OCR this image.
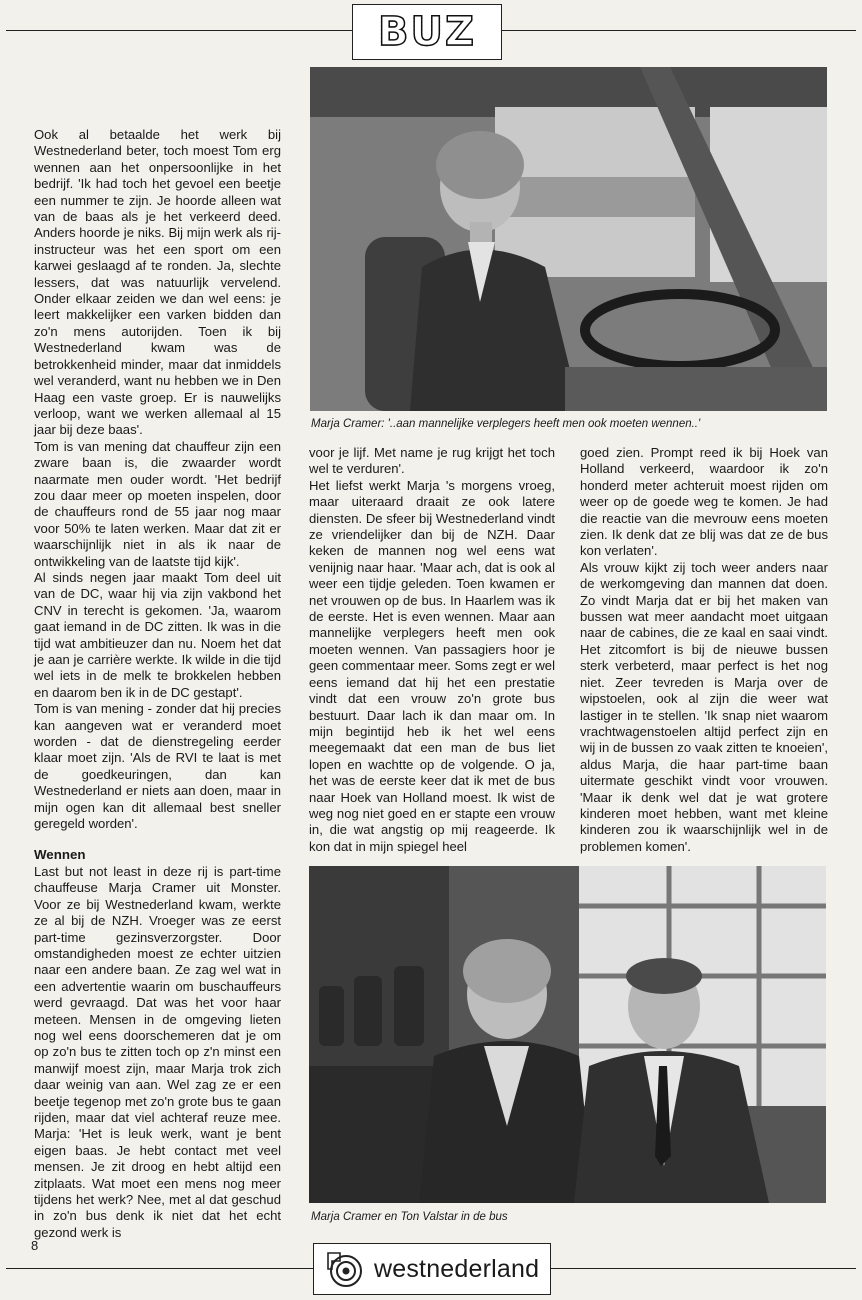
BUZ

Ook al betaalde het werk bij Westnederland beter, toch moest Tom erg wennen aan het onpersoonlijke in het bedrijf. 'Ik had toch het gevoel een beetje een nummer te zijn. Je hoorde alleen wat van de baas als je het verkeerd deed. Anders hoorde je niks. Bij mijn werk als rij-instructeur was het een sport om een karwei geslaagd af te ronden. Ja, slechte lessers, dat was natuurlijk vervelend. Onder elkaar zeiden we dan wel eens: je leert makkelijker een varken bidden dan zo'n mens autorijden. Toen ik bij Westnederland kwam was de betrokkenheid minder, maar dat inmiddels wel veranderd, want nu hebben we in Den Haag een vaste groep. Er is nauwelijks verloop, want we werken allemaal al 15 jaar bij deze baas'.

Tom is van mening dat chauffeur zijn een zware baan is, die zwaarder wordt naarmate men ouder wordt. 'Het bedrijf zou daar meer op moeten inspelen, door de chauffeurs rond de 55 jaar nog maar voor 50% te laten werken. Maar dat zit er waarschijnlijk niet in als ik naar de ontwikkeling van de laatste tijd kijk'.

Al sinds negen jaar maakt Tom deel uit van de DC, waar hij via zijn vakbond het CNV in terecht is gekomen. 'Ja, waarom gaat iemand in de DC zitten. Ik was in die tijd wat ambitieuzer dan nu. Noem het dat je aan je carrière werkte. Ik wilde in die tijd wel iets in de melk te brokkelen hebben en daarom ben ik in de DC gestapt'.

Tom is van mening - zonder dat hij precies kan aangeven wat er veranderd moet worden - dat de dienstregeling eerder klaar moet zijn. 'Als de RVI te laat is met de goedkeuringen, dan kan Westnederland er niets aan doen, maar in mijn ogen kan dit allemaal best sneller geregeld worden'.

Wennen

Last but not least in deze rij is part-time chauffeuse Marja Cramer uit Monster. Voor ze bij Westnederland kwam, werkte ze al bij de NZH. Vroeger was ze eerst part-time gezinsverzorgster. Door omstandigheden moest ze echter uitzien naar een andere baan. Ze zag wel wat in een advertentie waarin om buschauffeurs werd gevraagd. Dat was het voor haar meteen. Mensen in de omgeving lieten nog wel eens doorschemeren dat je om op zo'n bus te zitten toch op z'n minst een manwijf moest zijn, maar Marja trok zich daar weinig van aan. Wel zag ze er een beetje tegenop met zo'n grote bus te gaan rijden, maar dat viel achteraf reuze mee. Marja: 'Het is leuk werk, want je bent eigen baas. Je hebt contact met veel mensen. Je zit droog en hebt altijd een zitplaats. Wat moet een mens nog meer tijdens het werk? Nee, met al dat geschud in zo'n bus denk ik niet dat het echt gezond werk is

Marja Cramer: '..aan mannelijke verplegers heeft men ook moeten wennen..'

voor je lijf. Met name je rug krijgt het toch wel te verduren'.

Het liefst werkt Marja 's morgens vroeg, maar uiteraard draait ze ook latere diensten. De sfeer bij Westnederland vindt ze vriendelijker dan bij de NZH. Daar keken de mannen nog wel eens wat venijnig naar haar. 'Maar ach, dat is ook al weer een tijdje geleden. Toen kwamen er net vrouwen op de bus. In Haarlem was ik de eerste. Het is even wennen. Maar aan mannelijke verplegers heeft men ook moeten wennen. Van passagiers hoor je geen commentaar meer. Soms zegt er wel eens iemand dat hij het een prestatie vindt dat een vrouw zo'n grote bus bestuurt. Daar lach ik dan maar om. In mijn begintijd heb ik het wel eens meegemaakt dat een man de bus liet lopen en wachtte op de volgende. O ja, het was de eerste keer dat ik met de bus naar Hoek van Holland moest. Ik wist de weg nog niet goed en er stapte een vrouw in, die wat angstig op mij reageerde. Ik kon dat in mijn spiegel heel

goed zien. Prompt reed ik bij Hoek van Holland verkeerd, waardoor ik zo'n honderd meter achteruit moest rijden om weer op de goede weg te komen. Je had die reactie van die mevrouw eens moeten zien. Ik denk dat ze blij was dat ze de bus kon verlaten'.

Als vrouw kijkt zij toch weer anders naar de werkomgeving dan mannen dat doen. Zo vindt Marja dat er bij het maken van bussen wat meer aandacht moet uitgaan naar de cabines, die ze kaal en saai vindt. Het zitcomfort is bij de nieuwe bussen sterk verbeterd, maar perfect is het nog niet. Zeer tevreden is Marja over de wipstoelen, ook al zijn die weer wat lastiger in te stellen. 'Ik snap niet waarom vrachtwagenstoelen altijd perfect zijn en wij in de bussen zo vaak zitten te knoeien', aldus Marja, die haar part-time baan uitermate geschikt vindt voor vrouwen. 'Maar ik denk wel dat je wat grotere kinderen moet hebben, want met kleine kinderen zou ik waarschijnlijk wel in de problemen komen'.

Marja Cramer en Ton Valstar in de bus
8
westnederland
